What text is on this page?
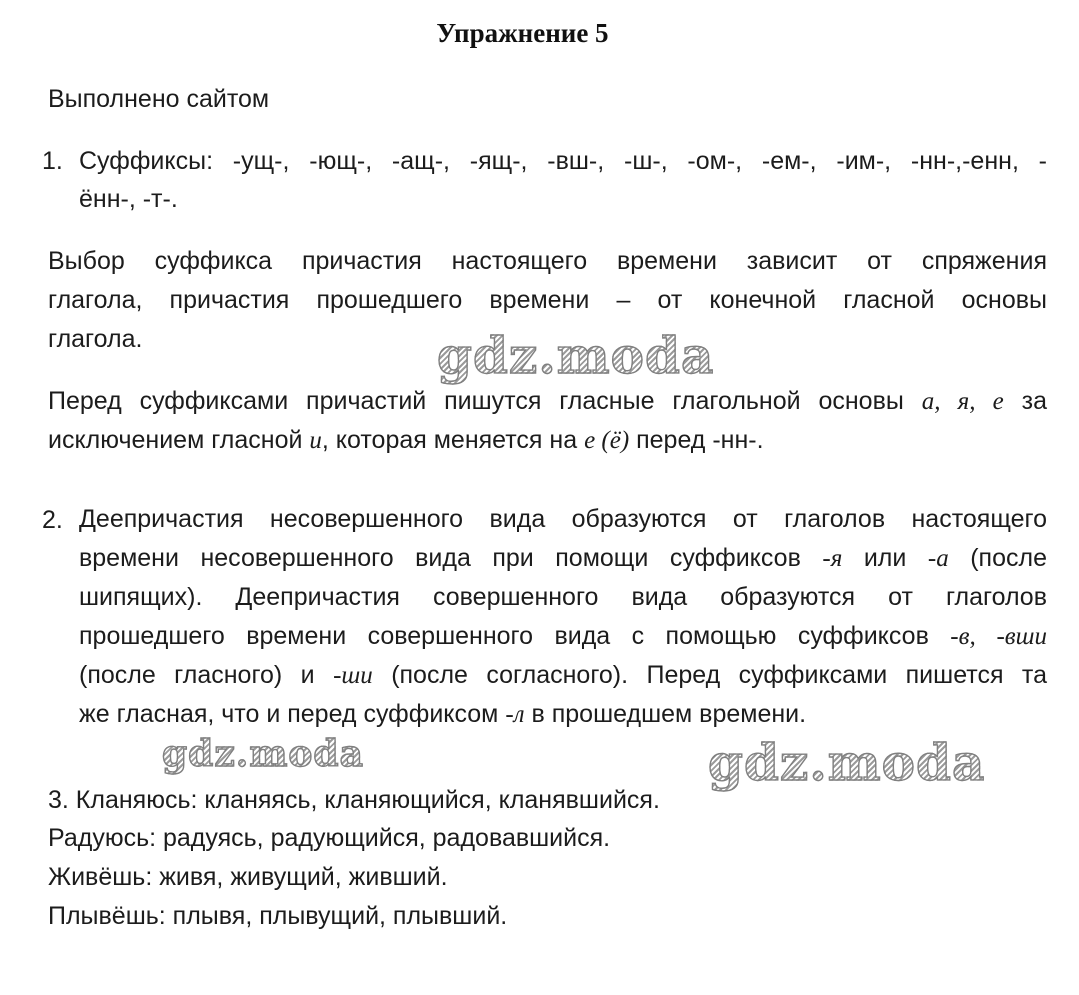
Упражнение 5
Выполнено сайтом
1. Суффиксы: -ущ-, -ющ-, -ащ-, -ящ-, -вш-, -ш-, -ом-, -ем-, -им-, -нн-,-енн, -
ённ-, -т-.
Выбор суффикса причастия настоящего времени зависит от спряжения
глагола, причастия прошедшего времени – от конечной гласной основы
глагола.
Перед суффиксами причастий пишутся гласные глагольной основы а, я, е за
исключением гласной и, которая меняется на е (ё) перед -нн-.
2. Деепричастия несовершенного вида образуются от глаголов настоящего
времени несовершенного вида при помощи суффиксов -я или -а (после
шипящих). Деепричастия совершенного вида образуются от глаголов
прошедшего времени совершенного вида с помощью суффиксов -в, -вши
(после гласного) и -ши (после согласного). Перед суффиксами пишется та
же гласная, что и перед суффиксом -л в прошедшем времени.
3. Кланяюсь: кланяясь, кланяющийся, кланявшийся.
Радуюсь: радуясь, радующийся, радовавшийся.
Живёшь: живя, живущий, живший.
Плывёшь: плывя, плывущий, плывший.
gdz.moda
gdz.moda	gdz.moda
